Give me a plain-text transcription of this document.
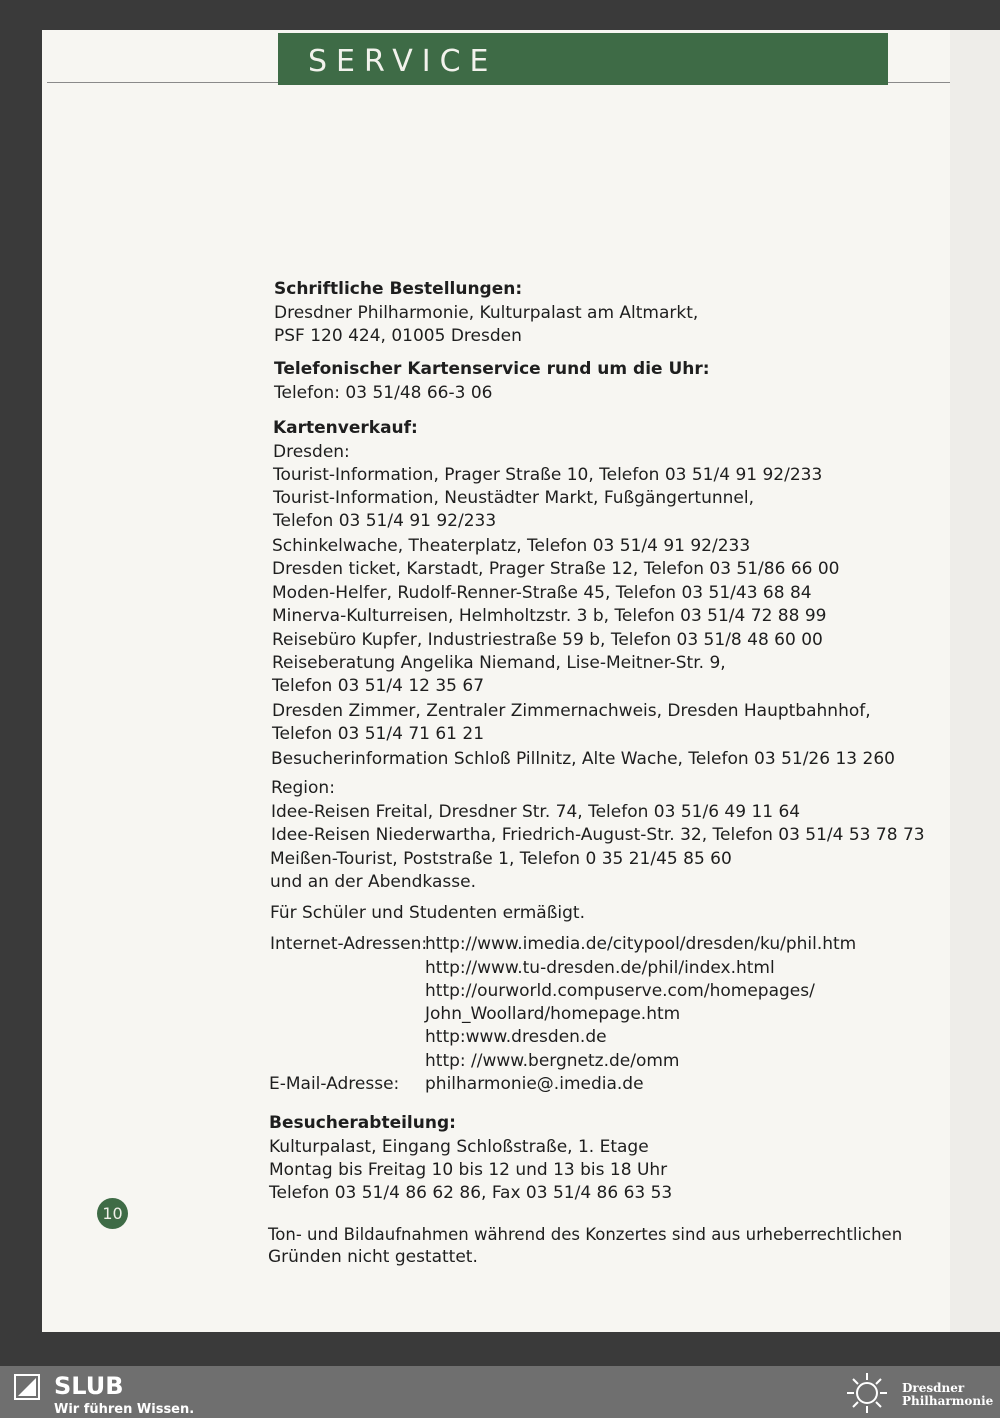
SERVICE
Schriftliche Bestellungen:
Dresdner Philharmonie, Kulturpalast am Altmarkt,
PSF 120 424, 01005 Dresden
Telefonischer Kartenservice rund um die Uhr:
Telefon: 03 51/48 66-3 06
Kartenverkauf:
Dresden:
Tourist-Information, Prager Straße 10, Telefon 03 51/4 91 92/233
Tourist-Information, Neustädter Markt, Fußgängertunnel,
Telefon 03 51/4 91 92/233
Schinkelwache, Theaterplatz, Telefon 03 51/4 91 92/233
Dresden ticket, Karstadt, Prager Straße 12, Telefon 03 51/86 66 00
Moden-Helfer, Rudolf-Renner-Straße 45, Telefon 03 51/43 68 84
Minerva-Kulturreisen, Helmholtzstr. 3 b, Telefon 03 51/4 72 88 99
Reisebüro Kupfer, Industriestraße 59 b, Telefon 03 51/8 48 60 00
Reiseberatung Angelika Niemand, Lise-Meitner-Str. 9,
Telefon 03 51/4 12 35 67
Dresden Zimmer, Zentraler Zimmernachweis, Dresden Hauptbahnhof,
Telefon 03 51/4 71 61 21
Besucherinformation Schloß Pillnitz, Alte Wache, Telefon 03 51/26 13 260
Region:
Idee-Reisen Freital, Dresdner Str. 74, Telefon 03 51/6 49 11 64
Idee-Reisen Niederwartha, Friedrich-August-Str. 32, Telefon 03 51/4 53 78 73
Meißen-Tourist, Poststraße 1, Telefon 0 35 21/45 85 60
und an der Abendkasse.
Für Schüler und Studenten ermäßigt.
Internet-Adressen:
http://www.imedia.de/citypool/dresden/ku/phil.htm
http://www.tu-dresden.de/phil/index.html
http://ourworld.compuserve.com/homepages/
John_Woollard/homepage.htm
http:www.dresden.de
http: //www.bergnetz.de/omm
E-Mail-Adresse: philharmonie@.imedia.de
Besucherabteilung:
Kulturpalast, Eingang Schloßstraße, 1. Etage
Montag bis Freitag 10 bis 12 und 13 bis 18 Uhr
Telefon 03 51/4 86 62 86, Fax 03 51/4 86 63 53
Ton- und Bildaufnahmen während des Konzertes sind aus urheberrechtlichen
Gründen nicht gestattet.
10
SLUB
Wir führen Wissen.
Dresdner
Philharmonie
